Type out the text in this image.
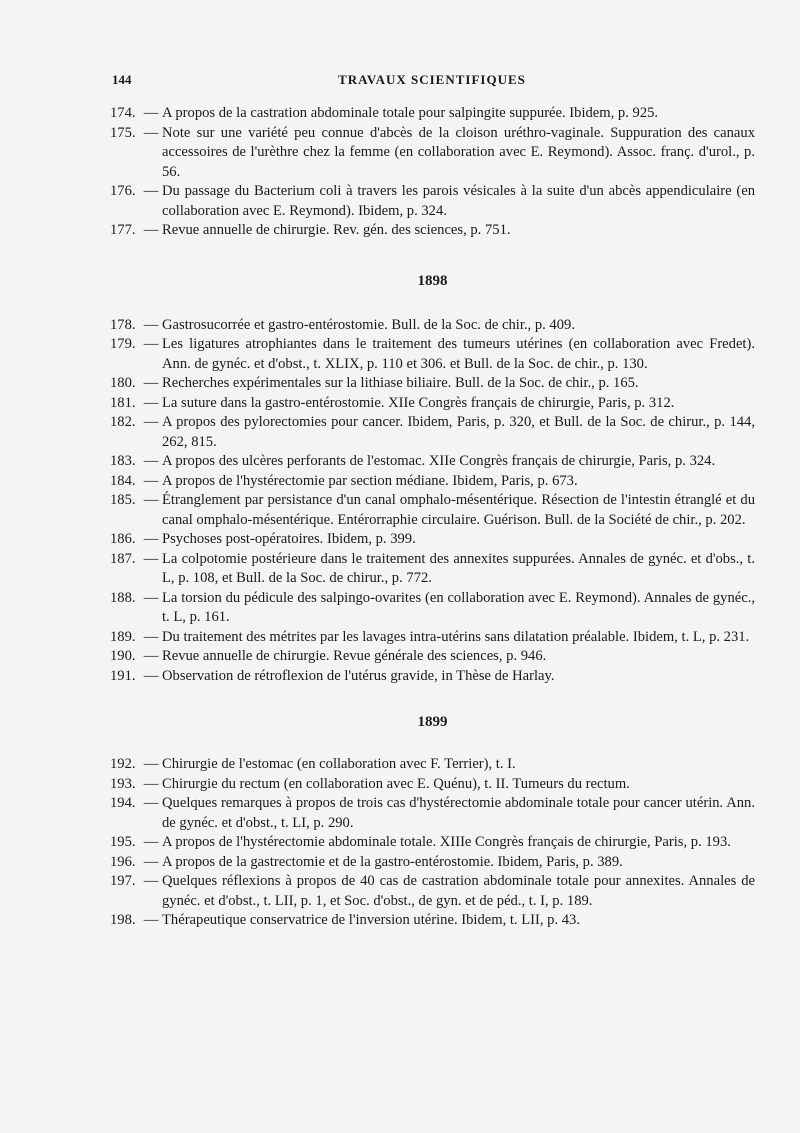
144	TRAVAUX SCIENTIFIQUES
174. — A propos de la castration abdominale totale pour salpingite suppurée. Ibidem, p. 925.
175. — Note sur une variété peu connue d'abcès de la cloison uréthro-vaginale. Suppuration des canaux accessoires de l'urèthre chez la femme (en collaboration avec E. Reymond). Assoc. franç. d'urol., p. 56.
176. — Du passage du Bacterium coli à travers les parois vésicales à la suite d'un abcès appendiculaire (en collaboration avec E. Reymond). Ibidem, p. 324.
177. — Revue annuelle de chirurgie. Rev. gén. des sciences, p. 751.
1898
178. — Gastrosucorrée et gastro-entérostomie. Bull. de la Soc. de chir., p. 409.
179. — Les ligatures atrophiantes dans le traitement des tumeurs utérines (en collaboration avec Fredet). Ann. de gynéc. et d'obst., t. XLIX, p. 110 et 306. et Bull. de la Soc. de chir., p. 130.
180. — Recherches expérimentales sur la lithiase biliaire. Bull. de la Soc. de chir., p. 165.
181. — La suture dans la gastro-entérostomie. XIIe Congrès français de chirurgie, Paris, p. 312.
182. — A propos des pylorectomies pour cancer. Ibidem, Paris, p. 320, et Bull. de la Soc. de chirur., p. 144, 262, 815.
183. — A propos des ulcères perforants de l'estomac. XIIe Congrès français de chirurgie, Paris, p. 324.
184. — A propos de l'hystérectomie par section médiane. Ibidem, Paris, p. 673.
185. — Étranglement par persistance d'un canal omphalo-mésentérique. Résection de l'intestin étranglé et du canal omphalo-mésentérique. Entérorraphie circulaire. Guérison. Bull. de la Société de chir., p. 202.
186. — Psychoses post-opératoires. Ibidem, p. 399.
187. — La colpotomie postérieure dans le traitement des annexites suppurées. Annales de gynéc. et d'obs., t. L, p. 108, et Bull. de la Soc. de chirur., p. 772.
188. — La torsion du pédicule des salpingo-ovarites (en collaboration avec E. Reymond). Annales de gynéc., t. L, p. 161.
189. — Du traitement des métrites par les lavages intra-utérins sans dilatation préalable. Ibidem, t. L, p. 231.
190. — Revue annuelle de chirurgie. Revue générale des sciences, p. 946.
191. — Observation de rétroflexion de l'utérus gravide, in Thèse de Harlay.
1899
192. — Chirurgie de l'estomac (en collaboration avec F. Terrier), t. I.
193. — Chirurgie du rectum (en collaboration avec E. Quénu), t. II. Tumeurs du rectum.
194. — Quelques remarques à propos de trois cas d'hystérectomie abdominale totale pour cancer utérin. Ann. de gynéc. et d'obst., t. LI, p. 290.
195. — A propos de l'hystérectomie abdominale totale. XIIIe Congrès français de chirurgie, Paris, p. 193.
196. — A propos de la gastrectomie et de la gastro-entérostomie. Ibidem, Paris, p. 389.
197. — Quelques réflexions à propos de 40 cas de castration abdominale totale pour annexites. Annales de gynéc. et d'obst., t. LII, p. 1, et Soc. d'obst., de gyn. et de péd., t. I, p. 189.
198. — Thérapeutique conservatrice de l'inversion utérine. Ibidem, t. LII, p. 43.
